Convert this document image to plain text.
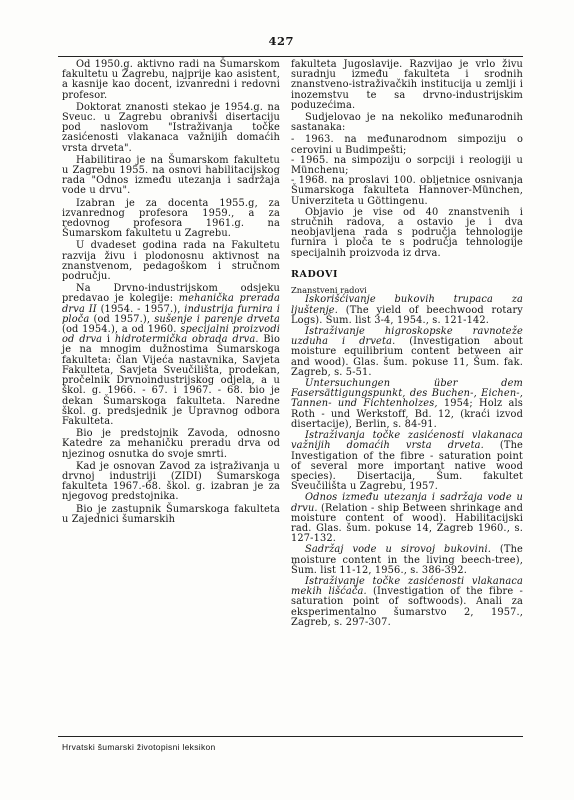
427

Od 1950.g. aktivno radi na Šumarskom fakultetu u Zagrebu, najprije kao asistent, a kasnije kao docent, izvanredni i redovni profesor.

Doktorat znanosti stekao je 1954.g. na Sveuc. u Zagrebu obranivši disertaciju pod naslovom "Istraživanja točke zasićenosti vlakanaca važnijih domaćih vrsta drveta".

Habilitirao je na Šumarskom fakultetu u Zagrebu 1955. na osnovi habilitacijskog rada "Odnos između utezanja i sadržaja vode u drvu".

Izabran je za docenta 1955.g, za izvanrednog profesora 1959., a za redovnog profesora 1961.g. na Šumarskom fakultetu u Zagrebu.

U dvadeset godina rada na Fakultetu razvija živu i plodonosnu aktivnost na znanstvenom, pedagoškom i stručnom području.

Na Drvno-industrijskom odsjeku predavao je kolegije: mehanička prerada drva II (1954. - 1957.), industrija furnira i ploča (od 1957.), sušenje i parenje drveta (od 1954.), a od 1960. specijalni proizvodi od drva i hidrotermička obrada drva. Bio je na mnogim dužnostima Šumarskoga fakulteta: član Vijeća nastavnika, Savjeta Fakulteta, Savjeta Sveučilišta, prodekan, pročelnik Drvnoindustrijskog odjela, a u škol. g. 1966. - 67. i 1967. - 68. bio je dekan Šumarskoga fakulteta. Naredne škol. g. predsjednik je Upravnog odbora Fakulteta.

Bio je predstojnik Zavoda, odnosno Katedre za mehaničku preradu drva od njezinog osnutka do svoje smrti.

Kad je osnovan Zavod za istraživanja u drvnoj industriji (ZIDI) Šumarskoga fakulteta 1967.-68. škol. g. izabran je za njegovog predstojnika.

Bio je zastupnik Šumarskoga fakulteta u Zajednici šumarskih

fakulteta Jugoslavije. Razvijao je vrlo živu suradnju između fakulteta i srodnih znanstveno-istraživačkih institucija u zemlji i inozemstvu te sa drvno-industrijskim poduzećima.

Sudjelovao je na nekoliko međunarodnih sastanaka:

- 1963. na međunarodnom simpoziju o cerovini u Budimpešti;
- 1965. na simpoziju o sorpciji i reologiji u Münchenu;
- 1968. na proslavi 100. obljetnice osnivanja Šumarskoga fakulteta Hannover-München, Univerziteta u Göttingenu.

Objavio je vise od 40 znanstvenih i stručnih radova, a ostavio je i dva neobjavljena rada s područja tehnologije furnira i ploča te s područja tehnologije specijalnih proizvoda iz drva.

RADOVI
Znanstveni radovi

Iskorišćivanje bukovih trupaca za ljuštenje. (The yield of beechwood rotary Logs). Šum. list 3-4, 1954., s. 121-142.

Istraživanje higroskopske ravnoteže uzduha i drveta. (Investigation about moisture equilibrium content between air and wood). Glas. šum. pokuse 11, Šum. fak. Zagreb, s. 5-51.

Untersuchungen über dem Fasersättigungspunkt, des Buchen-, Eichen-, Tannen- und Fichtenholzes, 1954; Holz als Roth - und Werkstoff, Bd. 12, (kraći izvod disertacije), Berlin, s. 84-91.

Istraživanja točke zasićenosti vlakanaca važnijih domaćih vrsta drveta. (The Investigation of the fibre - saturation point of several more important native wood species). Disertacija, Šum. fakultet Sveučilišta u Zagrebu, 1957.

Odnos između utezanja i sadržaja vode u drvu. (Relation - ship Between shrinkage and moisture content of wood). Habilitacijski rad. Glas. šum. pokuse 14, Zagreb 1960., s. 127-132.

Sadržaj vode u sirovoj bukovini. (The moisture content in the living beech-tree), Šum. list 11-12, 1956., s. 386-392.

Istraživanje točke zasićenosti vlakanaca mekih lišćača. (Investigation of the fibre - saturation point of softwoods). Anali za eksperimentalno šumarstvo 2, 1957., Zagreb, s. 297-307.

Hrvatski šumarski životopisni leksikon
